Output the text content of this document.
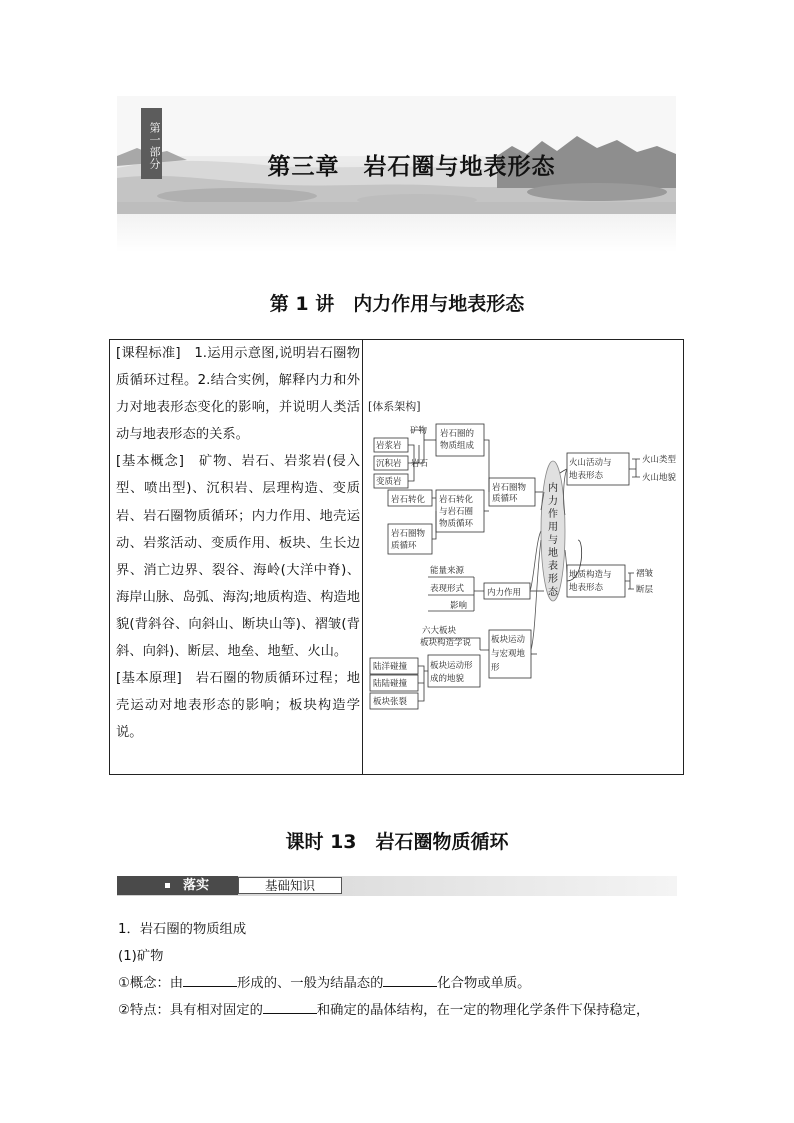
第一部分	第三章　岩石圈与地表形态
第 1 讲　内力作用与地表形态

[课程标准]　1.运用示意图,说明岩石圈物质循环过程。2.结合实例，解释内力和外力对地表形态变化的影响，并说明人类活动与地表形态的关系。

[基本概念]　矿物、岩石、岩浆岩(侵入型、喷出型)、沉积岩、层理构造、变质岩、岩石圈物质循环；内力作用、地壳运动、岩浆活动、变质作用、板块、生长边界、消亡边界、裂谷、海岭(大洋中脊)、海岸山脉、岛弧、海沟;地质构造、构造地貌(背斜谷、向斜山、断块山等)、褶皱(背斜、向斜)、断层、地垒、地堑、火山。

[基本原理]　岩石圈的物质循环过程；地壳运动对地表形态的影响；板块构造学说。

[体系架构]
矿物
岩浆岩
沉积岩
变质岩
岩石
岩石圈的
物质组成
岩石转化 岩石转化
与岩石圈
物质循环
岩石圈物
质循环
岩石圈物
质循环
火山活动与
地表形态
火山类型
火山地貌
能量来源
表现形式
影响
内力作用
地质构造与
地表形态
褶皱
断层
六大板块
板块构造学说 板块运动
与宏观地
形
板块运动形
成的地貌
陆洋碰撞
陆陆碰撞
板块张裂
内力作用与地表形态
课时 13　岩石圈物质循环
落实	基础知识
1．岩石圈的物质组成
(1)矿物
①概念：由	形成的、一般为结晶态的	化合物或单质。
②特点：具有相对固定的	和确定的晶体结构，在一定的物理化学条件下保持稳定，
